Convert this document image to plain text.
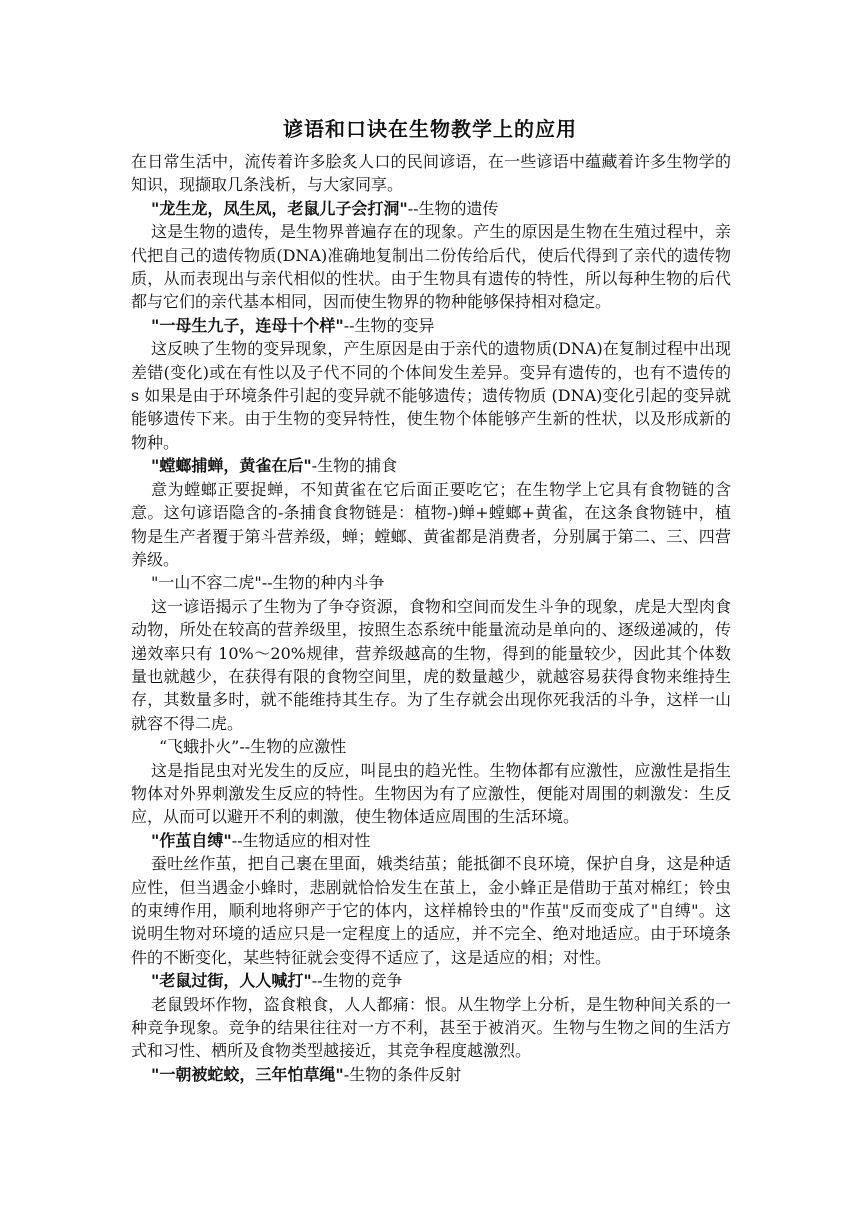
谚语和口诀在生物教学上的应用

在日常生活中，流传着许多脍炙人口的民间谚语，在一些谚语中蕴藏着许多生物学的知识，现撷取几条浅析，与大家同享。

"龙生龙，凤生凤，老鼠儿子会打洞"--生物的遗传

这是生物的遗传，是生物界普遍存在的现象。产生的原因是生物在生殖过程中，亲代把自己的遗传物质(DNA)准确地复制出二份传给后代，使后代得到了亲代的遗传物质，从而表现出与亲代相似的性状。由于生物具有遗传的特性，所以每种生物的后代都与它们的亲代基本相同，因而使生物界的物种能够保持相对稳定。

"一母生九子，连母十个样"--生物的变异

这反映了生物的变异现象，产生原因是由于亲代的遗物质(DNA)在复制过程中出现差错(变化)或在有性以及子代不同的个体间发生差异。变异有遗传的，也有不遗传的 s 如果是由于环境条件引起的变异就不能够遗传；遗传物质 (DNA)变化引起的变异就能够遗传下来。由于生物的变异特性，使生物个体能够产生新的性状，以及形成新的物种。

"螳螂捕蝉，黄雀在后"-生物的捕食

意为螳螂正要捉蝉，不知黄雀在它后面正要吃它；在生物学上它具有食物链的含意。这句谚语隐含的-条捕食食物链是：植物-)蝉+螳螂+黄雀，在这条食物链中，植物是生产者覆于第斗营养级，蝉；螳螂、黄雀都是消费者，分别属于第二、三、四营养级。

"一山不容二虎"--生物的种内斗争

这一谚语揭示了生物为了争夺资源，食物和空间而发生斗争的现象，虎是大型肉食动物，所处在较高的营养级里，按照生态系统中能量流动是单向的、逐级递减的，传递效率只有 10%～20%规律，营养级越高的生物，得到的能量较少，因此其个体数量也就越少，在获得有限的食物空间里，虎的数量越少，就越容易获得食物来维持生存，其数量多时，就不能维持其生存。为了生存就会出现你死我活的斗争，这样一山就容不得二虎。

“飞蛾扑火”--生物的应激性

这是指昆虫对光发生的反应，叫昆虫的趋光性。生物体都有应激性，应激性是指生物体对外界刺激发生反应的特性。生物因为有了应激性，便能对周围的刺激发：生反应，从而可以避开不利的刺激，使生物体适应周围的生活环境。

"作茧自缚"--生物适应的相对性

蚕吐丝作茧，把自己裹在里面，娥类结茧；能抵御不良环境，保护自身，这是种适应性，但当遇金小蜂时，悲剧就恰恰发生在茧上，金小蜂正是借助于茧对棉红；铃虫的束缚作用，顺利地将卵产于它的体内，这样棉铃虫的"作茧"反而变成了"自缚"。这说明生物对环境的适应只是一定程度上的适应，并不完全、绝对地适应。由于环境条件的不断变化，某些特征就会变得不适应了，这是适应的相；对性。

"老鼠过街，人人喊打"--生物的竞争

老鼠毁坏作物，盗食粮食，人人都痛：恨。从生物学上分析，是生物种间关系的一种竞争现象。竞争的结果往往对一方不利，甚至于被消灭。生物与生物之间的生活方式和习性、栖所及食物类型越接近，其竞争程度越激烈。

"一朝被蛇蛟，三年怕草绳"-生物的条件反射
